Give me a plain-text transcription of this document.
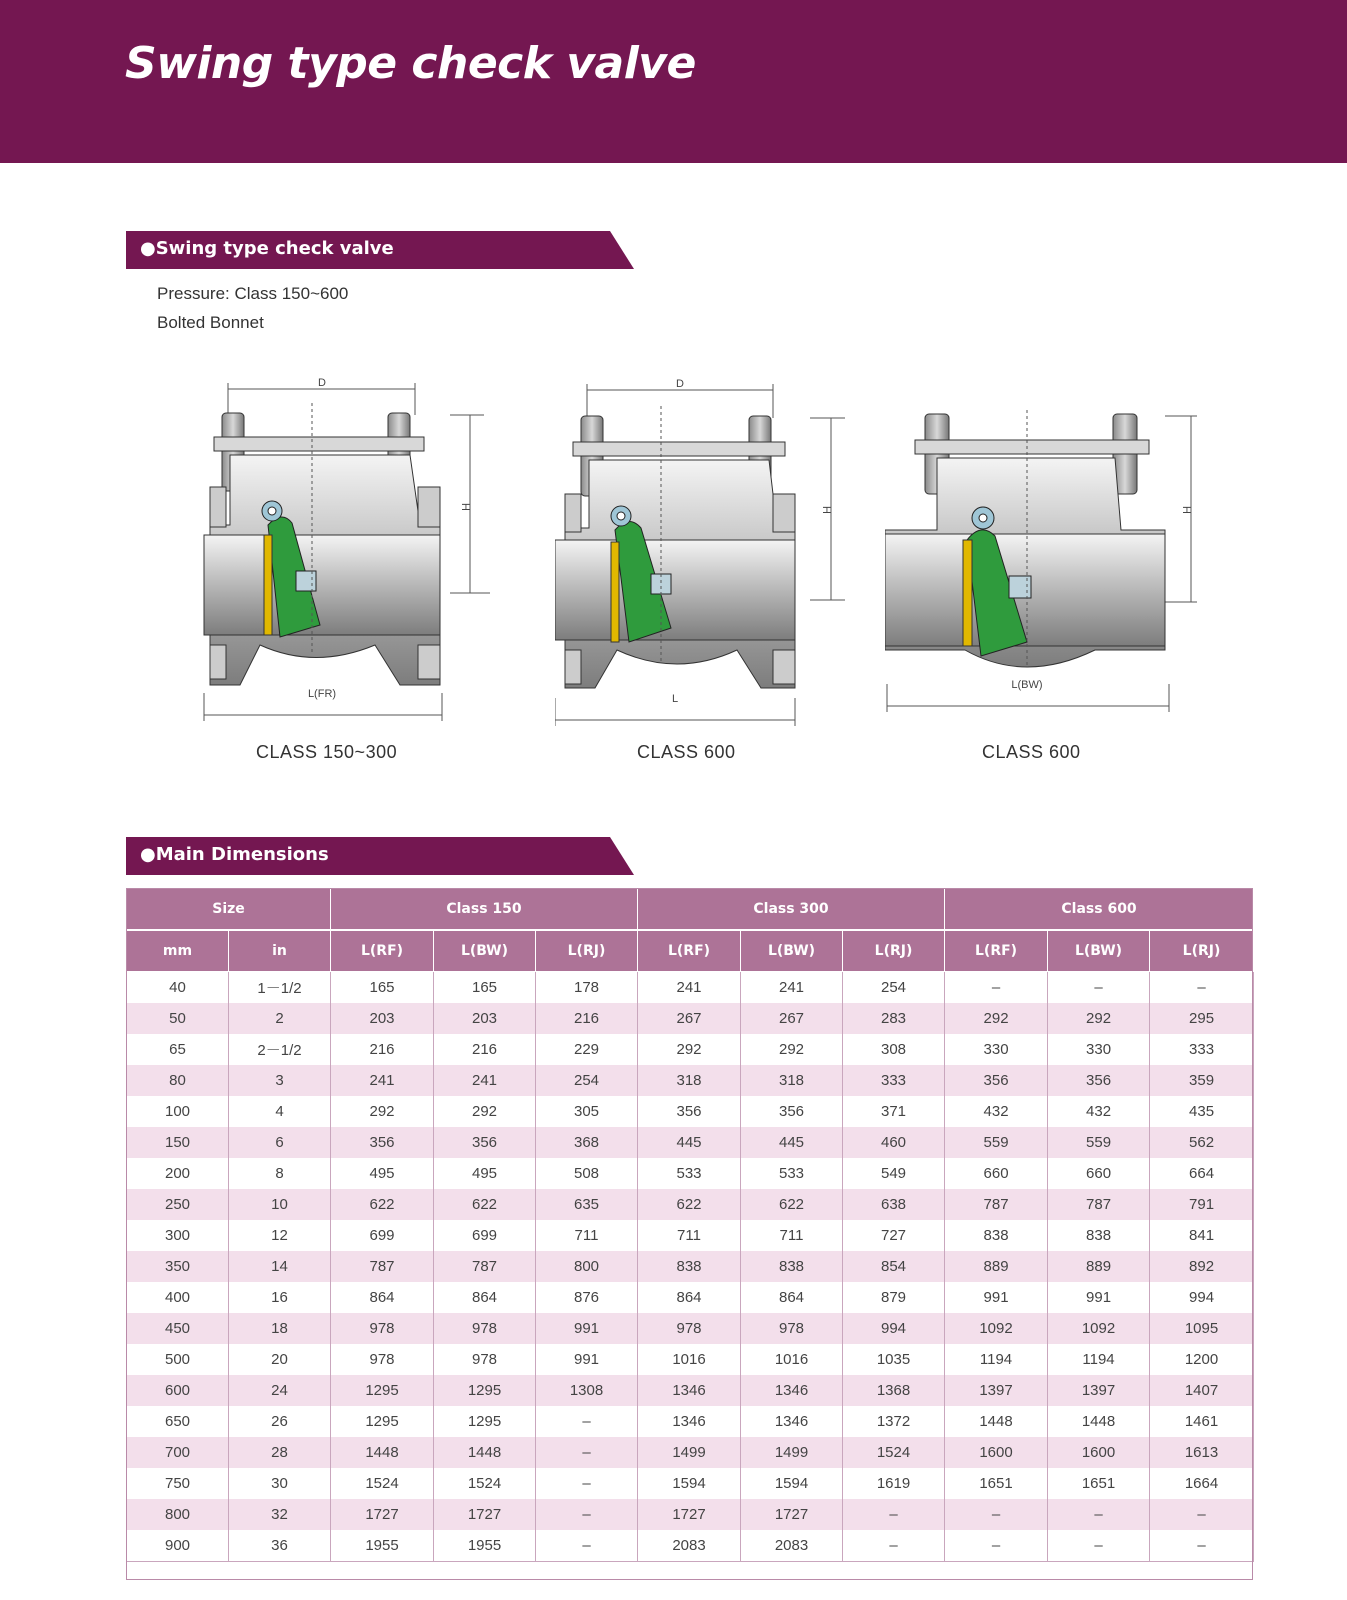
Swing type check valve
●Swing type check valve
Pressure: Class 150~600
Bolted Bonnet
D
H
L(FR)
CLASS 150~300
D
H
L
CLASS 600
H
L(BW)
CLASS 600
●Main Dimensions
Size		Class 150			Class 300			Class 600		
mm	in	L(RF)	L(BW)	L(RJ)	L(RF)	L(BW)	L(RJ)	L(RF)	L(BW)	L(RJ)
40	1－1/2	165	165	178	241	241	254	–	–	–
50	2	203	203	216	267	267	283	292	292	295
65	2－1/2	216	216	229	292	292	308	330	330	333
80	3	241	241	254	318	318	333	356	356	359
100	4	292	292	305	356	356	371	432	432	435
150	6	356	356	368	445	445	460	559	559	562
200	8	495	495	508	533	533	549	660	660	664
250	10	622	622	635	622	622	638	787	787	791
300	12	699	699	711	711	711	727	838	838	841
350	14	787	787	800	838	838	854	889	889	892
400	16	864	864	876	864	864	879	991	991	994
450	18	978	978	991	978	978	994	1092	1092	1095
500	20	978	978	991	1016	1016	1035	1194	1194	1200
600	24	1295	1295	1308	1346	1346	1368	1397	1397	1407
650	26	1295	1295	–	1346	1346	1372	1448	1448	1461
700	28	1448	1448	–	1499	1499	1524	1600	1600	1613
750	30	1524	1524	–	1594	1594	1619	1651	1651	1664
800	32	1727	1727	–	1727	1727	–	–	–	–
900	36	1955	1955	–	2083	2083	–	–	–	–
